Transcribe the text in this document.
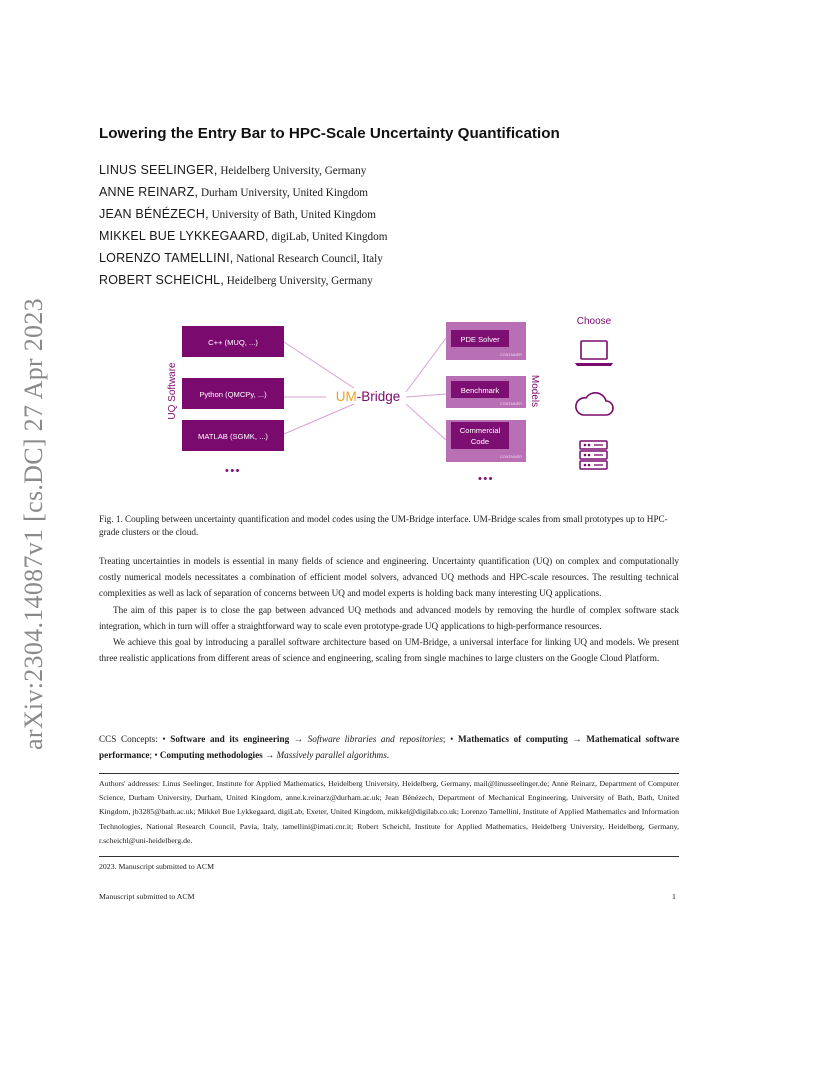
arXiv:2304.14087v1 [cs.DC] 27 Apr 2023
Lowering the Entry Bar to HPC-Scale Uncertainty Quantification
LINUS SEELINGER, Heidelberg University, Germany
ANNE REINARZ, Durham University, United Kingdom
JEAN BÉNÉZECH, University of Bath, United Kingdom
MIKKEL BUE LYKKEGAARD, digiLab, United Kingdom
LORENZO TAMELLINI, National Research Council, Italy
ROBERT SCHEICHL, Heidelberg University, Germany
UQ Software
C++ (MUQ, ...)
Python (QMCPy, ...)
MATLAB (SGMK, ...)
•••
UM-Bridge
PDE Solver
CONTAINER
Benchmark
CONTAINER
Commercial
Code
CONTAINER
•••
Models
Choose
Fig. 1. Coupling between uncertainty quantification and model codes using the UM-Bridge interface. UM-Bridge scales from small prototypes up to HPC-grade clusters or the cloud.

Treating uncertainties in models is essential in many fields of science and engineering. Uncertainty quantification (UQ) on complex and computationally costly numerical models necessitates a combination of efficient model solvers, advanced UQ methods and HPC-scale resources. The resulting technical complexities as well as lack of separation of concerns between UQ and model experts is holding back many interesting UQ applications.

The aim of this paper is to close the gap between advanced UQ methods and advanced models by removing the hurdle of complex software stack integration, which in turn will offer a straightforward way to scale even prototype-grade UQ applications to high-performance resources.

We achieve this goal by introducing a parallel software architecture based on UM-Bridge, a universal interface for linking UQ and models. We present three realistic applications from different areas of science and engineering, scaling from single machines to large clusters on the Google Cloud Platform.

CCS Concepts: • Software and its engineering → Software libraries and repositories; • Mathematics of computing → Mathematical software performance; • Computing methodologies → Massively parallel algorithms.
Authors' addresses: Linus Seelinger, Institute for Applied Mathematics, Heidelberg University, Heidelberg, Germany, mail@linusseelinger.de; Anne Reinarz, Department of Computer Science, Durham University, Durham, United Kingdom, anne.k.reinarz@durham.ac.uk; Jean Bénézech, Department of Mechanical Engineering, University of Bath, Bath, United Kingdom, jb3285@bath.ac.uk; Mikkel Bue Lykkegaard, digiLab, Exeter, United Kingdom, mikkel@digilab.co.uk; Lorenzo Tamellini, Institute of Applied Mathematics and Information Technologies, National Research Council, Pavia, Italy, tamellini@imati.cnr.it; Robert Scheichl, Institute for Applied Mathematics, Heidelberg University, Heidelberg, Germany, r.scheichl@uni-heidelberg.de.
2023. Manuscript submitted to ACM
Manuscript submitted to ACM	1
